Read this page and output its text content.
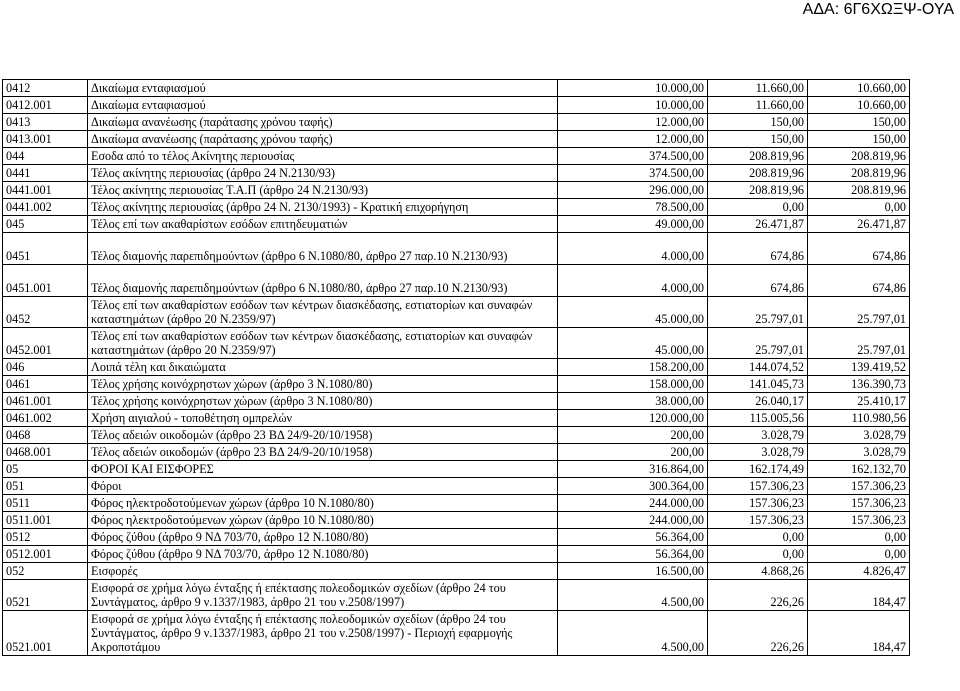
ΑΔΑ: 6Γ6ΧΩΞΨ-ΟΥΑ
0412	Δικαίωμα ενταφιασμού	10.000,00	11.660,00	10.660,00
0412.001	Δικαίωμα ενταφιασμού	10.000,00	11.660,00	10.660,00
0413	Δικαίωμα ανανέωσης (παράτασης χρόνου ταφής)	12.000,00	150,00	150,00
0413.001	Δικαίωμα ανανέωσης (παράτασης χρόνου ταφής)	12.000,00	150,00	150,00
044	Εσοδα από το τέλος Ακίνητης περιουσίας	374.500,00	208.819,96	208.819,96
0441	Τέλος ακίνητης περιουσίας (άρθρο 24 Ν.2130/93)	374.500,00	208.819,96	208.819,96
0441.001	Τέλος ακίνητης περιουσίας Τ.Α.Π (άρθρο 24 Ν.2130/93)	296.000,00	208.819,96	208.819,96
0441.002	Τέλος ακίνητης περιουσίας (άρθρο 24 Ν. 2130/1993) - Κρατική επιχορήγηση	78.500,00	0,00	0,00
045	Τέλος επί των ακαθαρίστων εσόδων επιτηδευματιών	49.000,00	26.471,87	26.471,87
0451	Τέλος διαμονής παρεπιδημούντων (άρθρο 6 Ν.1080/80, άρθρο 27 παρ.10 Ν.2130/93)	4.000,00	674,86	674,86
0451.001	Τέλος διαμονής παρεπιδημούντων (άρθρο 6 Ν.1080/80, άρθρο 27 παρ.10 Ν.2130/93)	4.000,00	674,86	674,86
0452	Τέλος επί των ακαθαρίστων εσόδων των κέντρων διασκέδασης, εστιατορίων και συναφών καταστημάτων (άρθρο 20 Ν.2359/97)	45.000,00	25.797,01	25.797,01
0452.001	Τέλος επί των ακαθαρίστων εσόδων των κέντρων διασκέδασης, εστιατορίων και συναφών καταστημάτων (άρθρο 20 Ν.2359/97)	45.000,00	25.797,01	25.797,01
046	Λοιπά τέλη και δικαιώματα	158.200,00	144.074,52	139.419,52
0461	Τέλος χρήσης κοινόχρηστων χώρων (άρθρο 3 Ν.1080/80)	158.000,00	141.045,73	136.390,73
0461.001	Τέλος χρήσης κοινόχρηστων χώρων (άρθρο 3 Ν.1080/80)	38.000,00	26.040,17	25.410,17
0461.002	Χρήση αιγιαλού - τοποθέτηση ομπρελών	120.000,00	115.005,56	110.980,56
0468	Τέλος αδειών οικοδομών (άρθρο 23 ΒΔ 24/9-20/10/1958)	200,00	3.028,79	3.028,79
0468.001	Τέλος αδειών οικοδομών (άρθρο 23 ΒΔ 24/9-20/10/1958)	200,00	3.028,79	3.028,79
05	ΦΟΡΟΙ ΚΑΙ ΕΙΣΦΟΡΕΣ	316.864,00	162.174,49	162.132,70
051	Φόροι	300.364,00	157.306,23	157.306,23
0511	Φόρος ηλεκτροδοτούμενων χώρων (άρθρο 10 Ν.1080/80)	244.000,00	157.306,23	157.306,23
0511.001	Φόρος ηλεκτροδοτούμενων χώρων (άρθρο 10 Ν.1080/80)	244.000,00	157.306,23	157.306,23
0512	Φόρος ζύθου (άρθρο 9 ΝΔ 703/70, άρθρο 12 Ν.1080/80)	56.364,00	0,00	0,00
0512.001	Φόρος ζύθου (άρθρο 9 ΝΔ 703/70, άρθρο 12 Ν.1080/80)	56.364,00	0,00	0,00
052	Εισφορές	16.500,00	4.868,26	4.826,47
0521	Εισφορά σε χρήμα λόγω ένταξης ή επέκτασης πολεοδομικών σχεδίων (άρθρο 24 του Συντάγματος, άρθρο 9 ν.1337/1983, άρθρο 21 του ν.2508/1997)	4.500,00	226,26	184,47
0521.001	Εισφορά σε χρήμα λόγω ένταξης ή επέκτασης πολεοδομικών σχεδίων (άρθρο 24 του Συντάγματος, άρθρο 9 ν.1337/1983, άρθρο 21 του ν.2508/1997) - Περιοχή εφαρμογής Ακροποτάμου	4.500,00	226,26	184,47
